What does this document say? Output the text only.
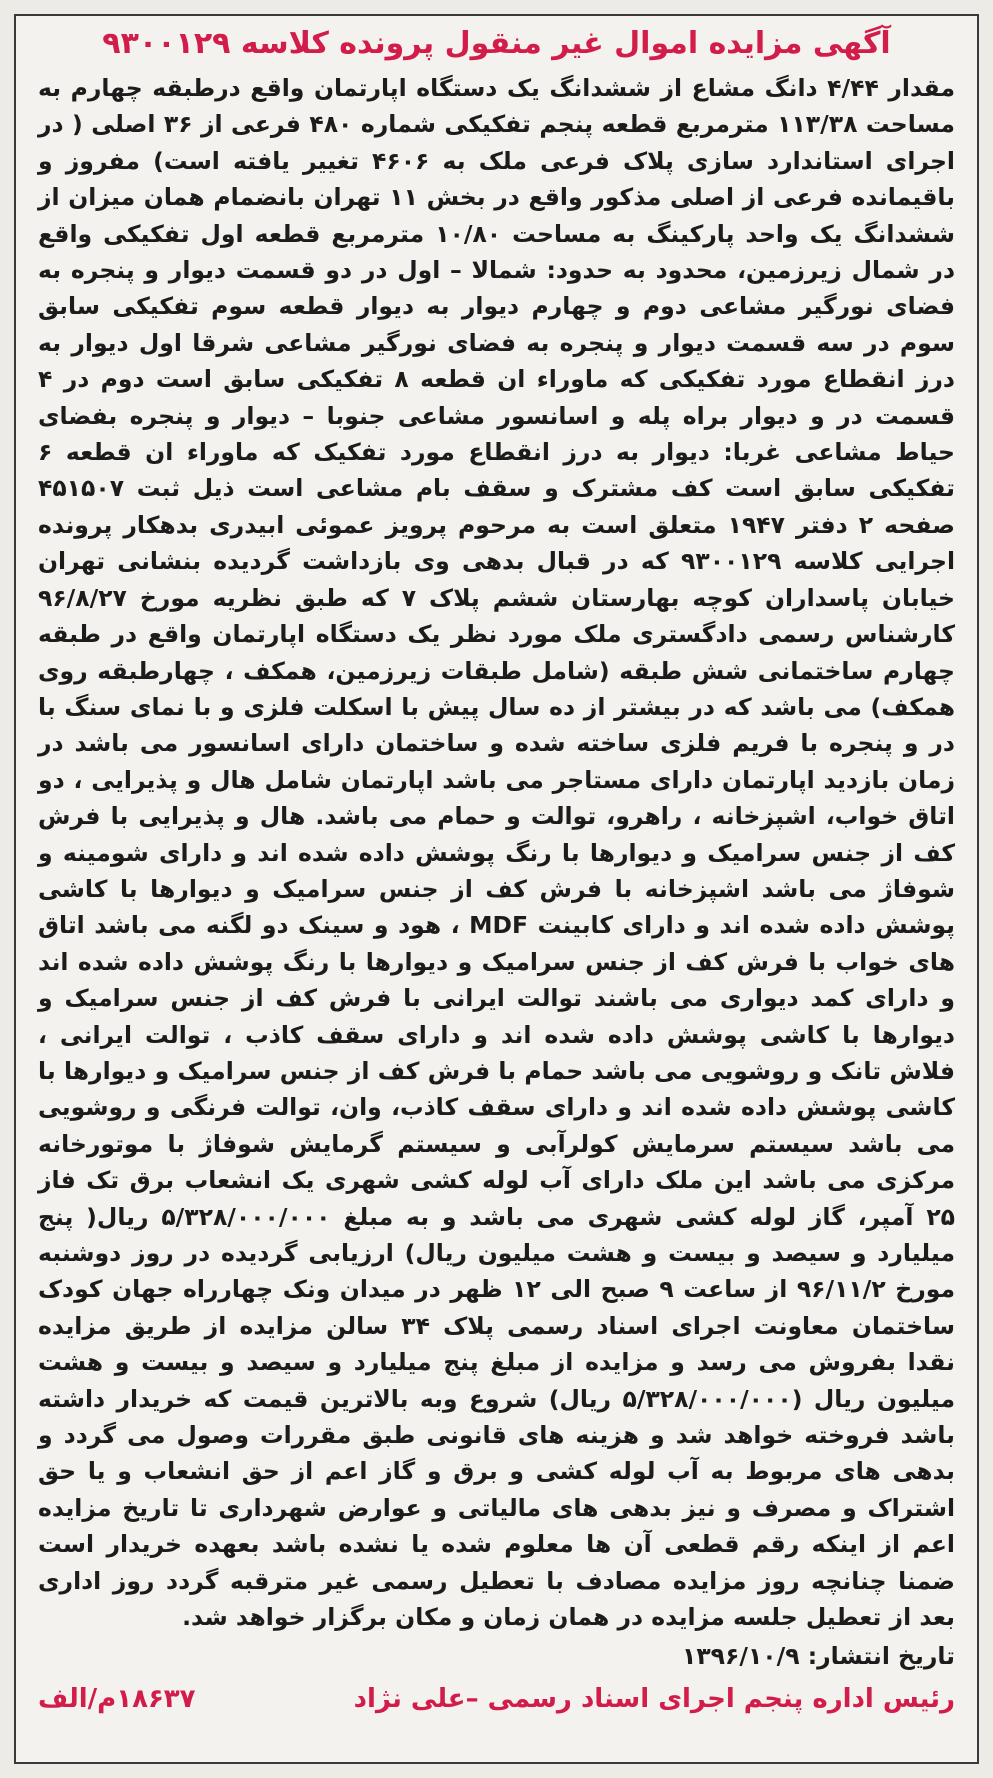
آگهی مزایده اموال غیر منقول پرونده کلاسه ۹۳۰۰۱۲۹

مقدار ۴/۴۴ دانگ مشاع از ششدانگ یک دستگاه اپارتمان واقع درطبقه چهارم به مساحت ۱۱۳/۳۸ مترمربع قطعه پنجم تفکیکی شماره ۴۸۰ فرعی از ۳۶ اصلی ( در اجرای استاندارد سازی پلاک فرعی ملک به ۴۶۰۶ تغییر یافته است) مفروز و باقیمانده فرعی از اصلی مذکور واقع در بخش ۱۱ تهران بانضمام همان میزان از ششدانگ یک واحد پارکینگ به مساحت ۱۰/۸۰ مترمربع قطعه اول تفکیکی واقع در شمال زیرزمین، محدود به حدود: شمالا – اول در دو قسمت دیوار و پنجره به فضای نورگیر مشاعی دوم و چهارم دیوار به دیوار قطعه سوم تفکیکی سابق سوم در سه قسمت دیوار و پنجره به فضای نورگیر مشاعی شرقا اول دیوار به درز انقطاع مورد تفکیکی که ماوراء ان قطعه ۸ تفکیکی سابق است دوم در ۴ قسمت در و دیوار براه پله و اسانسور مشاعی جنوبا – دیوار و پنجره بفضای حیاط مشاعی غربا: دیوار به درز انقطاع مورد تفکیک که ماوراء ان قطعه ۶ تفکیکی سابق است کف مشترک و سقف بام مشاعی است ذیل ثبت ۴۵۱۵۰۷ صفحه ۲ دفتر ۱۹۴۷ متعلق است به مرحوم پرویز عموئی ابیدری بدهکار پرونده اجرایی کلاسه ۹۳۰۰۱۲۹ که در قبال بدهی وی بازداشت گردیده بنشانی تهران خیابان پاسداران کوچه بهارستان ششم پلاک ۷ که طبق نظریه مورخ ۹۶/۸/۲۷ کارشناس رسمی دادگستری ملک مورد نظر یک دستگاه اپارتمان واقع در طبقه چهارم ساختمانی شش طبقه (شامل طبقات زیرزمین، همکف ، چهارطبقه روی همکف) می باشد که در بیشتر از ده سال پیش با اسکلت فلزی و با نمای سنگ با در و پنجره با فریم فلزی ساخته شده و ساختمان دارای اسانسور می باشد در زمان بازدید اپارتمان دارای مستاجر می باشد اپارتمان شامل هال و پذیرایی ، دو اتاق خواب، اشپزخانه ، راهرو، توالت و حمام می باشد. هال و پذیرایی با فرش کف از جنس سرامیک و دیوارها با رنگ پوشش داده شده اند و دارای شومینه و شوفاژ می باشد اشپزخانه با فرش کف از جنس سرامیک و دیوارها با کاشی پوشش داده شده اند و دارای کابینت MDF ، هود و سینک دو لگنه می باشد اتاق های خواب با فرش کف از جنس سرامیک و دیوارها با رنگ پوشش داده شده اند و دارای کمد دیواری می باشند توالت ایرانی با فرش کف از جنس سرامیک و دیوارها با کاشی پوشش داده شده اند و دارای سقف کاذب ، توالت ایرانی ، فلاش تانک و روشویی می باشد حمام با فرش کف از جنس سرامیک و دیوارها با کاشی پوشش داده شده اند و دارای سقف کاذب، وان، توالت فرنگی و روشویی می باشد سیستم سرمایش کولرآبی و سیستم گرمایش شوفاژ با موتورخانه مرکزی می باشد این ملک دارای آب لوله کشی شهری یک انشعاب برق تک فاز ۲۵ آمپر، گاز لوله کشی شهری می باشد و به مبلغ ۵/۳۲۸/۰۰۰/۰۰۰ ریال( پنج میلیارد و سیصد و بیست و هشت میلیون ریال) ارزیابی گردیده در روز دوشنبه مورخ ۹۶/۱۱/۲ از ساعت ۹ صبح الی ۱۲ ظهر در میدان ونک چهارراه جهان کودک ساختمان معاونت اجرای اسناد رسمی پلاک ۳۴ سالن مزایده از طریق مزایده نقدا بفروش می رسد و مزایده از مبلغ پنج میلیارد و سیصد و بیست و هشت میلیون ریال (۵/۳۲۸/۰۰۰/۰۰۰ ریال) شروع وبه بالاترین قیمت که خریدار داشته باشد فروخته خواهد شد و هزینه های قانونی طبق مقررات وصول می گردد و بدهی های مربوط به آب لوله کشی و برق و گاز اعم از حق انشعاب و یا حق اشتراک و مصرف و نیز بدهی های مالیاتی و عوارض شهرداری تا تاریخ مزایده اعم از اینکه رقم قطعی آن ها معلوم شده یا نشده باشد بعهده خریدار است ضمنا چنانچه روز مزایده مصادف با تعطیل رسمی غیر مترقبه گردد روز اداری بعد از تعطیل جلسه مزایده در همان زمان و مکان برگزار خواهد شد.

تاریخ انتشار: ۱۳۹۶/۱۰/۹
رئیس اداره پنجم اجرای اسناد رسمی –علی نژاد
۱۸۶۳۷م/الف
